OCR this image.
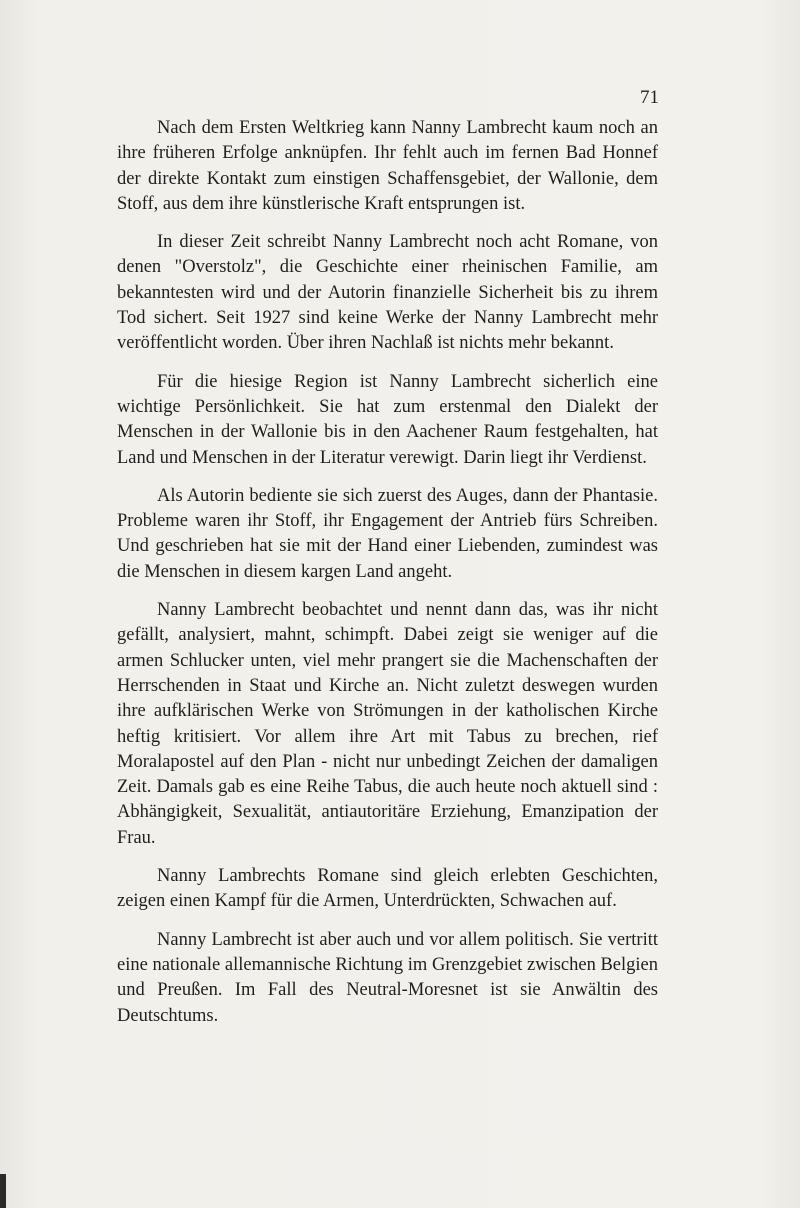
71

Nach dem Ersten Weltkrieg kann Nanny Lambrecht kaum noch an ihre früheren Erfolge anknüpfen. Ihr fehlt auch im fernen Bad Honnef der direkte Kontakt zum einstigen Schaffensgebiet, der Wallonie, dem Stoff, aus dem ihre künstlerische Kraft entsprungen ist.

In dieser Zeit schreibt Nanny Lambrecht noch acht Romane, von denen "Overstolz", die Geschichte einer rheinischen Familie, am bekanntesten wird und der Autorin finanzielle Sicherheit bis zu ihrem Tod sichert. Seit 1927 sind keine Werke der Nanny Lambrecht mehr veröffentlicht worden. Über ihren Nachlaß ist nichts mehr bekannt.

Für die hiesige Region ist Nanny Lambrecht sicherlich eine wichtige Persönlichkeit. Sie hat zum erstenmal den Dialekt der Menschen in der Wallonie bis in den Aachener Raum festgehalten, hat Land und Menschen in der Literatur verewigt. Darin liegt ihr Verdienst.

Als Autorin bediente sie sich zuerst des Auges, dann der Phantasie. Probleme waren ihr Stoff, ihr Engagement der Antrieb fürs Schreiben. Und geschrieben hat sie mit der Hand einer Liebenden, zumindest was die Menschen in diesem kargen Land angeht.

Nanny Lambrecht beobachtet und nennt dann das, was ihr nicht gefällt, analysiert, mahnt, schimpft. Dabei zeigt sie weniger auf die armen Schlucker unten, viel mehr prangert sie die Machenschaften der Herrschenden in Staat und Kirche an. Nicht zuletzt deswegen wurden ihre aufklärischen Werke von Strömungen in der katholischen Kirche heftig kritisiert. Vor allem ihre Art mit Tabus zu brechen, rief Moralapostel auf den Plan - nicht nur unbedingt Zeichen der damaligen Zeit. Damals gab es eine Reihe Tabus, die auch heute noch aktuell sind : Abhängigkeit, Sexualität, antiautoritäre Erziehung, Emanzipation der Frau.

Nanny Lambrechts Romane sind gleich erlebten Geschichten, zeigen einen Kampf für die Armen, Unterdrückten, Schwachen auf.

Nanny Lambrecht ist aber auch und vor allem politisch. Sie vertritt eine nationale allemannische Richtung im Grenzgebiet zwischen Belgien und Preußen. Im Fall des Neutral-Moresnet ist sie Anwältin des Deutschtums.
